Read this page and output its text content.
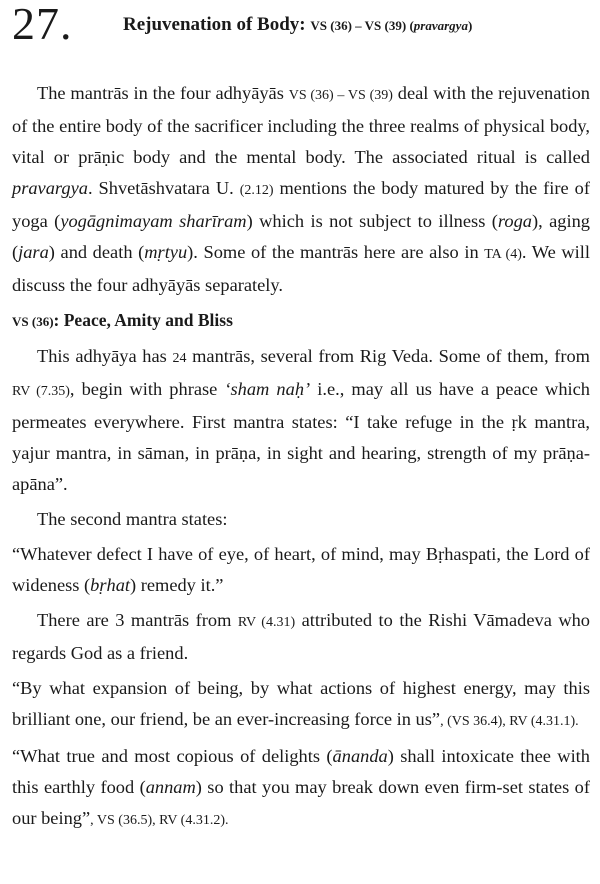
27.	Rejuvenation of Body: VS (36) – VS (39) (pravargya)

The mantrās in the four adhyāyās VS (36) – VS (39) deal with the rejuvenation of the entire body of the sacrificer including the three realms of physical body, vital or prāṇic body and the mental body. The associated ritual is called pravargya. Shvetāshvatara U. (2.12) mentions the body matured by the fire of yoga (yogāgnimayam sharīram) which is not subject to illness (roga), aging (jara) and death (mṛtyu). Some of the mantrās here are also in TA (4). We will discuss the four adhyāyās separately.

VS (36): Peace, Amity and Bliss

This adhyāya has 24 mantrās, several from Rig Veda. Some of them, from RV (7.35), begin with phrase ‘sham naḥ’ i.e., may all us have a peace which permeates everywhere. First mantra states: “I take refuge in the ṛk mantra, yajur mantra, in sāman, in prāṇa, in sight and hearing, strength of my prāṇa-apāna”.

The second mantra states:

“Whatever defect I have of eye, of heart, of mind, may Bṛhaspati, the Lord of wideness (bṛhat) remedy it.”

There are 3 mantrās from RV (4.31) attributed to the Rishi Vāmadeva who regards God as a friend.

“By what expansion of being, by what actions of highest energy, may this brilliant one, our friend, be an ever-increasing force in us”, (VS 36.4), RV (4.31.1).

“What true and most copious of delights (ānanda) shall intoxicate thee with this earthly food (annam) so that you may break down even firm-set states of our being”, VS (36.5), RV (4.31.2).
